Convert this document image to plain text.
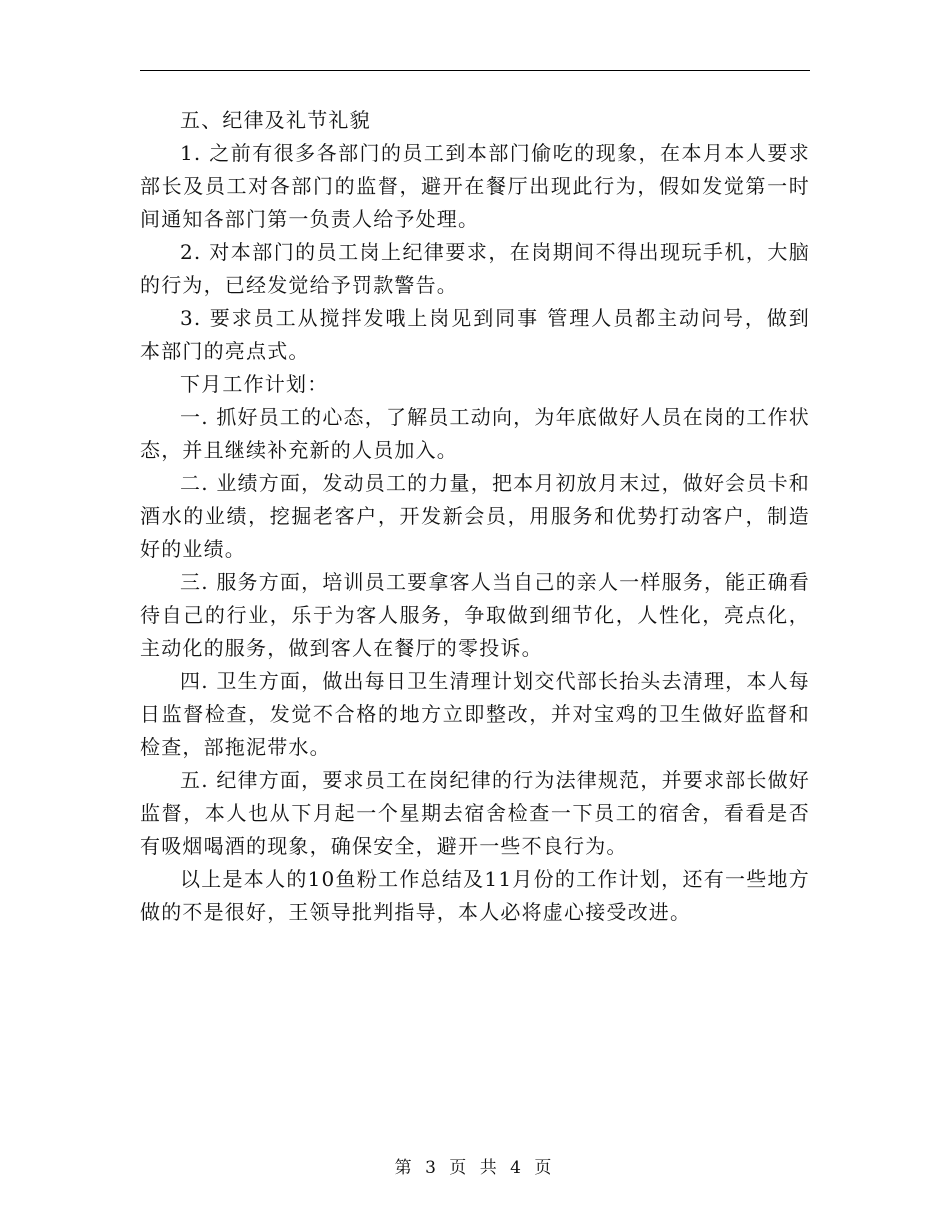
五、纪律及礼节礼貌

1. 之前有很多各部门的员工到本部门偷吃的现象，在本月本人要求部长及员工对各部门的监督，避开在餐厅出现此行为，假如发觉第一时间通知各部门第一负责人给予处理。

2. 对本部门的员工岗上纪律要求，在岗期间不得出现玩手机，大脑的行为，已经发觉给予罚款警告。

3. 要求员工从搅拌发哦上岗见到同事 管理人员都主动问号，做到本部门的亮点式。

下月工作计划：

一. 抓好员工的心态，了解员工动向，为年底做好人员在岗的工作状态，并且继续补充新的人员加入。

二. 业绩方面，发动员工的力量，把本月初放月末过，做好会员卡和酒水的业绩，挖掘老客户，开发新会员，用服务和优势打动客户，制造好的业绩。

三. 服务方面，培训员工要拿客人当自己的亲人一样服务，能正确看待自己的行业，乐于为客人服务，争取做到细节化，人性化，亮点化，主动化的服务，做到客人在餐厅的零投诉。

四. 卫生方面，做出每日卫生清理计划交代部长抬头去清理，本人每日监督检查，发觉不合格的地方立即整改，并对宝鸡的卫生做好监督和检查，部拖泥带水。

五. 纪律方面，要求员工在岗纪律的行为法律规范，并要求部长做好监督，本人也从下月起一个星期去宿舍检查一下员工的宿舍，看看是否有吸烟喝酒的现象，确保安全，避开一些不良行为。

以上是本人的10鱼粉工作总结及11月份的工作计划，还有一些地方做的不是很好，王领导批判指导，本人必将虚心接受改进。

第 3 页 共 4 页
